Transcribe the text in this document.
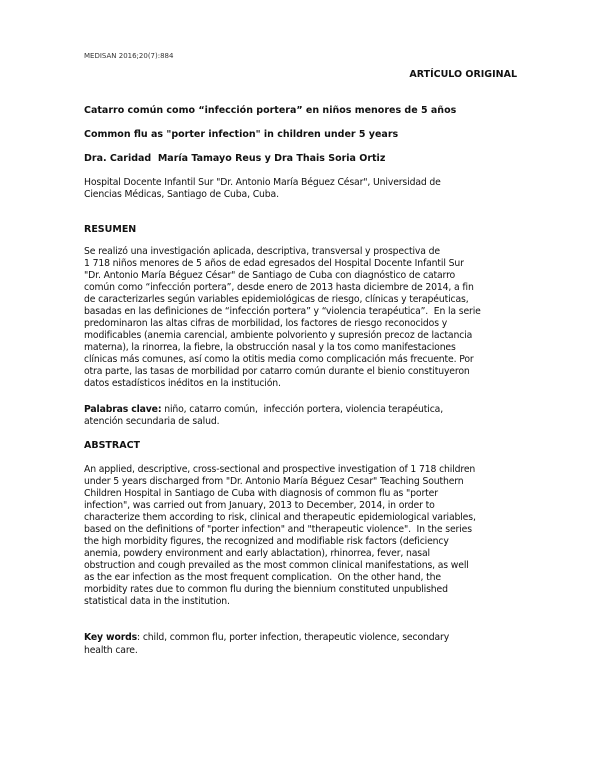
MEDISAN 2016;20(7):884
ARTÍCULO ORIGINAL
Catarro común como “infección portera” en niños menores de 5 años
Common flu as "porter infection" in children under 5 years
Dra. Caridad  María Tamayo Reus y Dra Thais Soria Ortiz
Hospital Docente Infantil Sur "Dr. Antonio María Béguez César", Universidad de
Ciencias Médicas, Santiago de Cuba, Cuba.
RESUMEN
Se realizó una investigación aplicada, descriptiva, transversal y prospectiva de
1 718 niños menores de 5 años de edad egresados del Hospital Docente Infantil Sur
"Dr. Antonio María Béguez César" de Santiago de Cuba con diagnóstico de catarro
común como “infección portera”, desde enero de 2013 hasta diciembre de 2014, a fin
de caracterizarles según variables epidemiológicas de riesgo, clínicas y terapéuticas,
basadas en las definiciones de “infección portera” y “violencia terapéutica”.  En la serie
predominaron las altas cifras de morbilidad, los factores de riesgo reconocidos y
modificables (anemia carencial, ambiente polvoriento y supresión precoz de lactancia
materna), la rinorrea, la fiebre, la obstrucción nasal y la tos como manifestaciones
clínicas más comunes, así como la otitis media como complicación más frecuente. Por
otra parte, las tasas de morbilidad por catarro común durante el bienio constituyeron
datos estadísticos inéditos en la institución.
Palabras clave: niño, catarro común,  infección portera, violencia terapéutica,
atención secundaria de salud.
ABSTRACT
An applied, descriptive, cross-sectional and prospective investigation of 1 718 children
under 5 years discharged from "Dr. Antonio María Béguez Cesar" Teaching Southern
Children Hospital in Santiago de Cuba with diagnosis of common flu as "porter
infection", was carried out from January, 2013 to December, 2014, in order to
characterize them according to risk, clinical and therapeutic epidemiological variables,
based on the definitions of "porter infection" and "therapeutic violence".  In the series
the high morbidity figures, the recognized and modifiable risk factors (deficiency
anemia, powdery environment and early ablactation), rhinorrea, fever, nasal
obstruction and cough prevailed as the most common clinical manifestations, as well
as the ear infection as the most frequent complication.  On the other hand, the
morbidity rates due to common flu during the biennium constituted unpublished
statistical data in the institution.
Key words: child, common flu, porter infection, therapeutic violence, secondary
health care.
